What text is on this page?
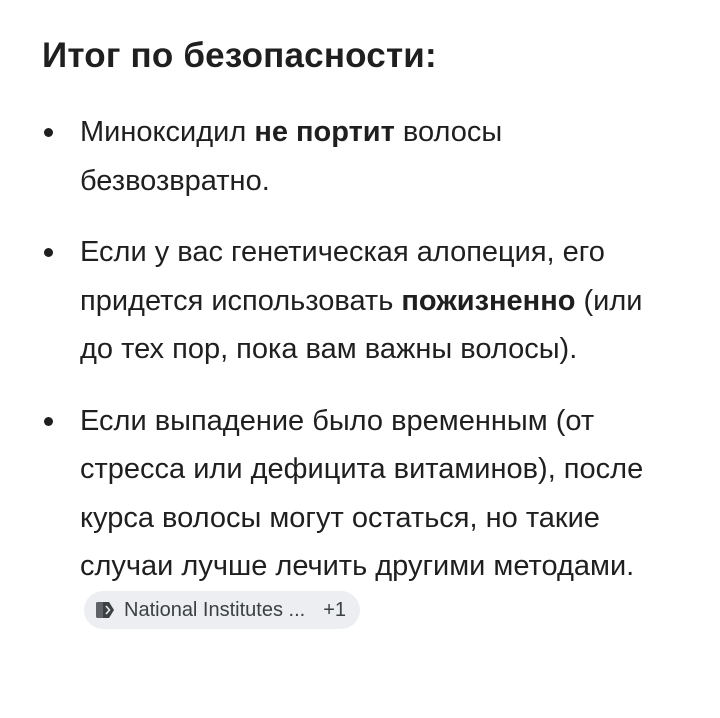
Итог по безопасности:
Миноксидил не портит волосы безвозвратно.
Если у вас генетическая алопеция, его придется использовать пожизненно (или до тех пор, пока вам важны волосы).
Если выпадение было временным (от стресса или дефицита витаминов), после курса волосы могут остаться, но такие случаи лучше лечить другими методами.
National Institutes ... +1
